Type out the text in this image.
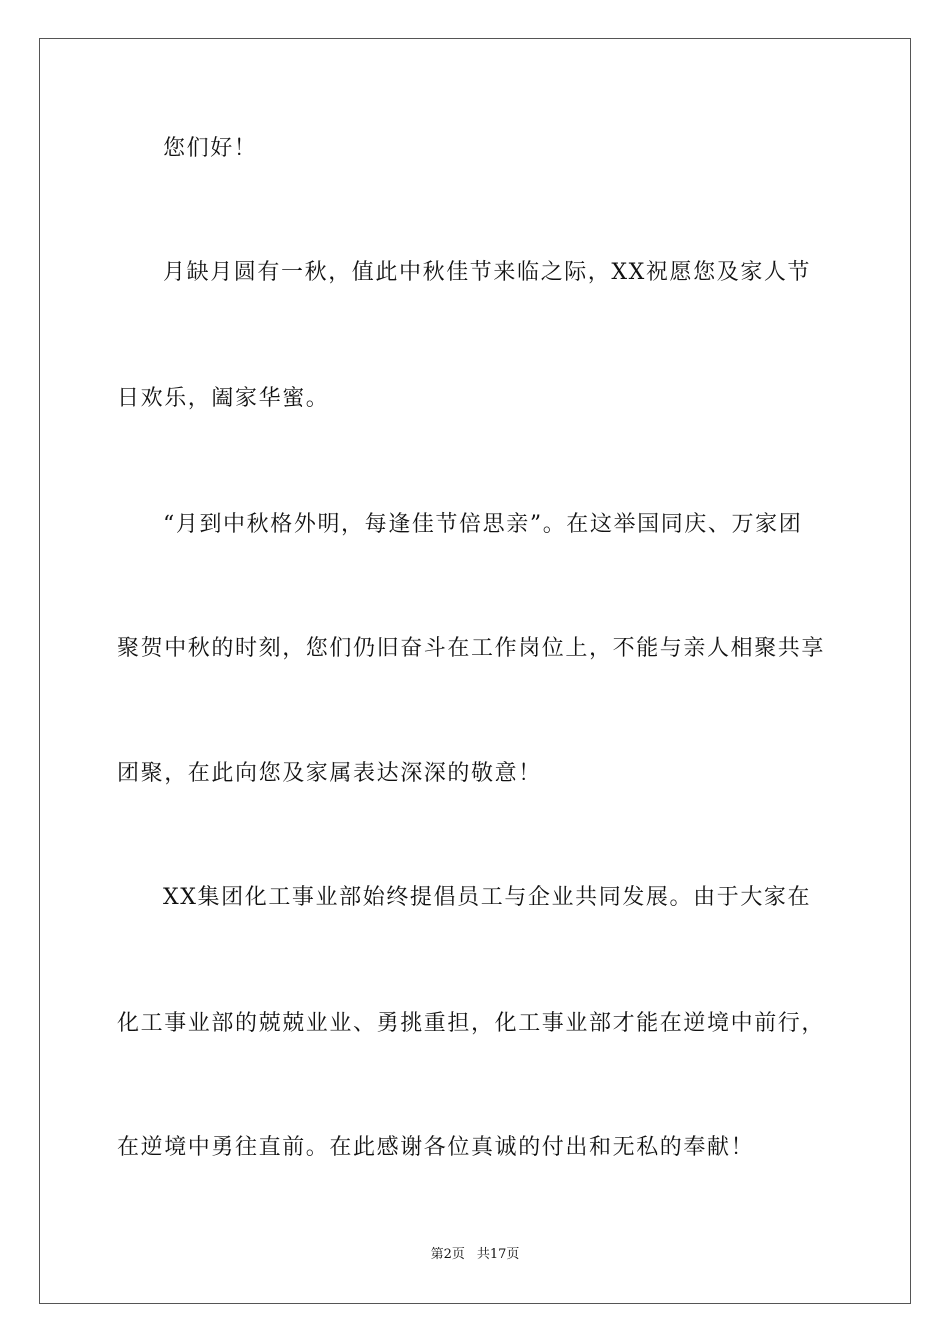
您们好！
月缺月圆有一秋，值此中秋佳节来临之际，XX祝愿您及家人节
日欢乐，阖家华蜜。
“月到中秋格外明，每逢佳节倍思亲”。在这举国同庆、万家团
聚贺中秋的时刻，您们仍旧奋斗在工作岗位上，不能与亲人相聚共享
团聚，在此向您及家属表达深深的敬意！
XX集团化工事业部始终提倡员工与企业共同发展。由于大家在
化工事业部的兢兢业业、勇挑重担，化工事业部才能在逆境中前行，
在逆境中勇往直前。在此感谢各位真诚的付出和无私的奉献！
第2页 共17页
